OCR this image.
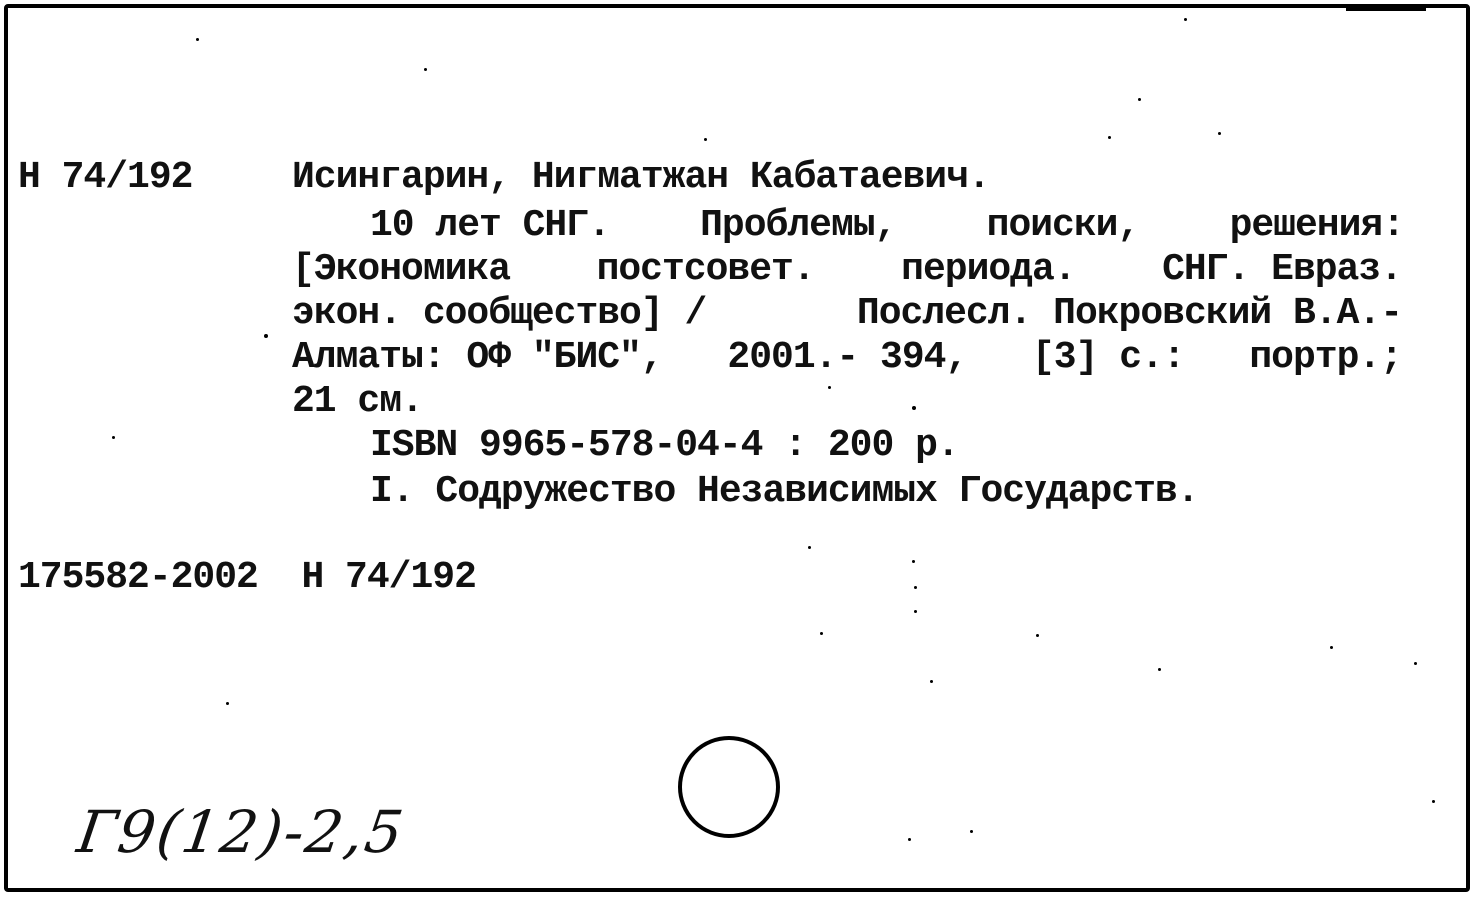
Н 74/192	Исингарин, Нигматжан Кабатаевич.
10 лет СНГ. Проблемы, поиски, решения:
[Экономика постсовет. периода. СНГ. Евраз.
экон. сообщество] /	Послесл. Покровский В.А.-
Алматы: ОФ "БИС", 2001.- 394, [3] с.: портр.;
21 см.
ISBN 9965-578-04-4 : 200 р.
I. Содружество Независимых Государств.
175582-2002  Н 74/192
Г9(12)-2,5
